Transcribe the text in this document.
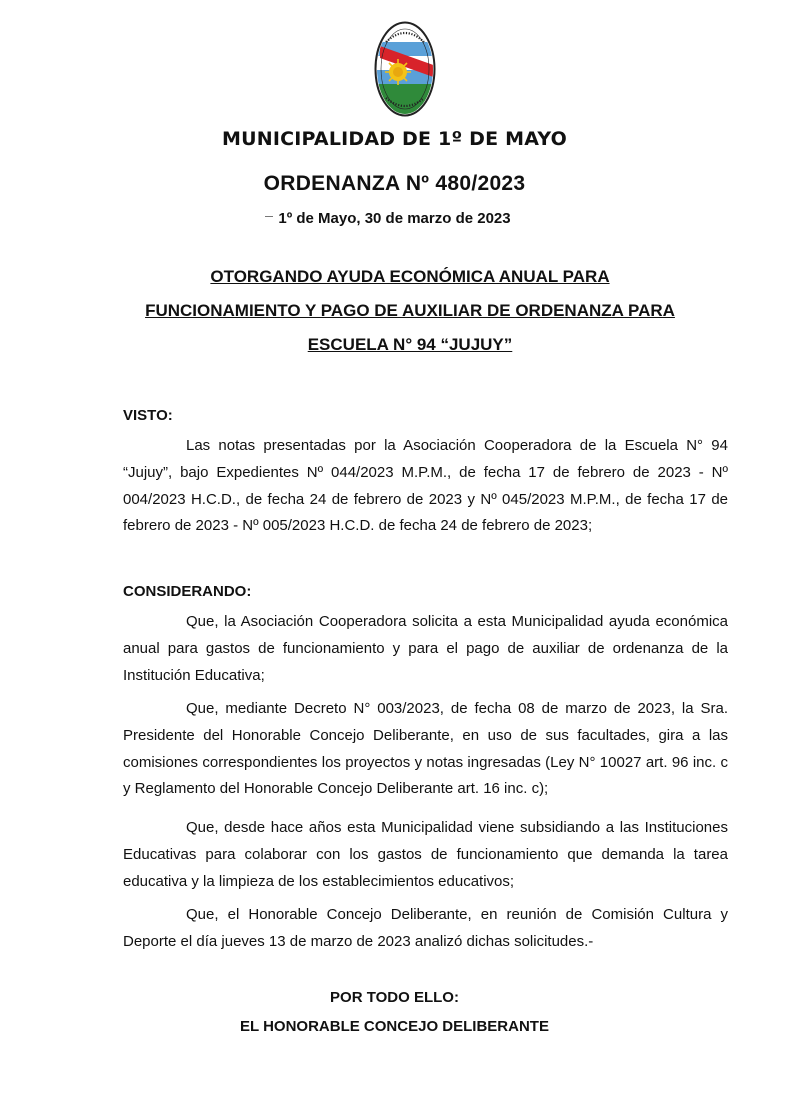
MUNICIPALIDAD DE 1º DE MAYO
ORDENANZA Nº 480/2023
1º de Mayo, 30 de marzo de 2023
OTORGANDO AYUDA ECONÓMICA ANUAL PARA
FUNCIONAMIENTO Y PAGO DE AUXILIAR DE ORDENANZA PARA
ESCUELA N° 94 “JUJUY”
VISTO:

Las notas presentadas por la Asociación Cooperadora de la Escuela N° 94 “Jujuy”, bajo Expedientes Nº 044/2023 M.P.M., de fecha 17 de febrero de 2023 - Nº 004/2023 H.C.D., de fecha 24 de febrero de 2023 y Nº 045/2023 M.P.M., de fecha 17 de febrero de 2023 - Nº 005/2023 H.C.D. de fecha 24 de febrero de 2023;

CONSIDERANDO:

Que, la Asociación Cooperadora solicita a esta Municipalidad ayuda económica anual para gastos de funcionamiento y para el pago de auxiliar de ordenanza de la Institución Educativa;

Que, mediante Decreto N° 003/2023, de fecha 08 de marzo de 2023, la Sra. Presidente del Honorable Concejo Deliberante, en uso de sus facultades, gira a las comisiones correspondientes los proyectos y notas ingresadas (Ley N° 10027 art. 96 inc. c y Reglamento del Honorable Concejo Deliberante art. 16 inc. c);

Que, desde hace años esta Municipalidad viene subsidiando a las Instituciones Educativas para colaborar con los gastos de funcionamiento que demanda la tarea educativa y la limpieza de los establecimientos educativos;

Que, el Honorable Concejo Deliberante, en reunión de Comisión Cultura y Deporte el día jueves 13 de marzo de 2023 analizó dichas solicitudes.-

POR TODO ELLO:
EL HONORABLE CONCEJO DELIBERANTE
